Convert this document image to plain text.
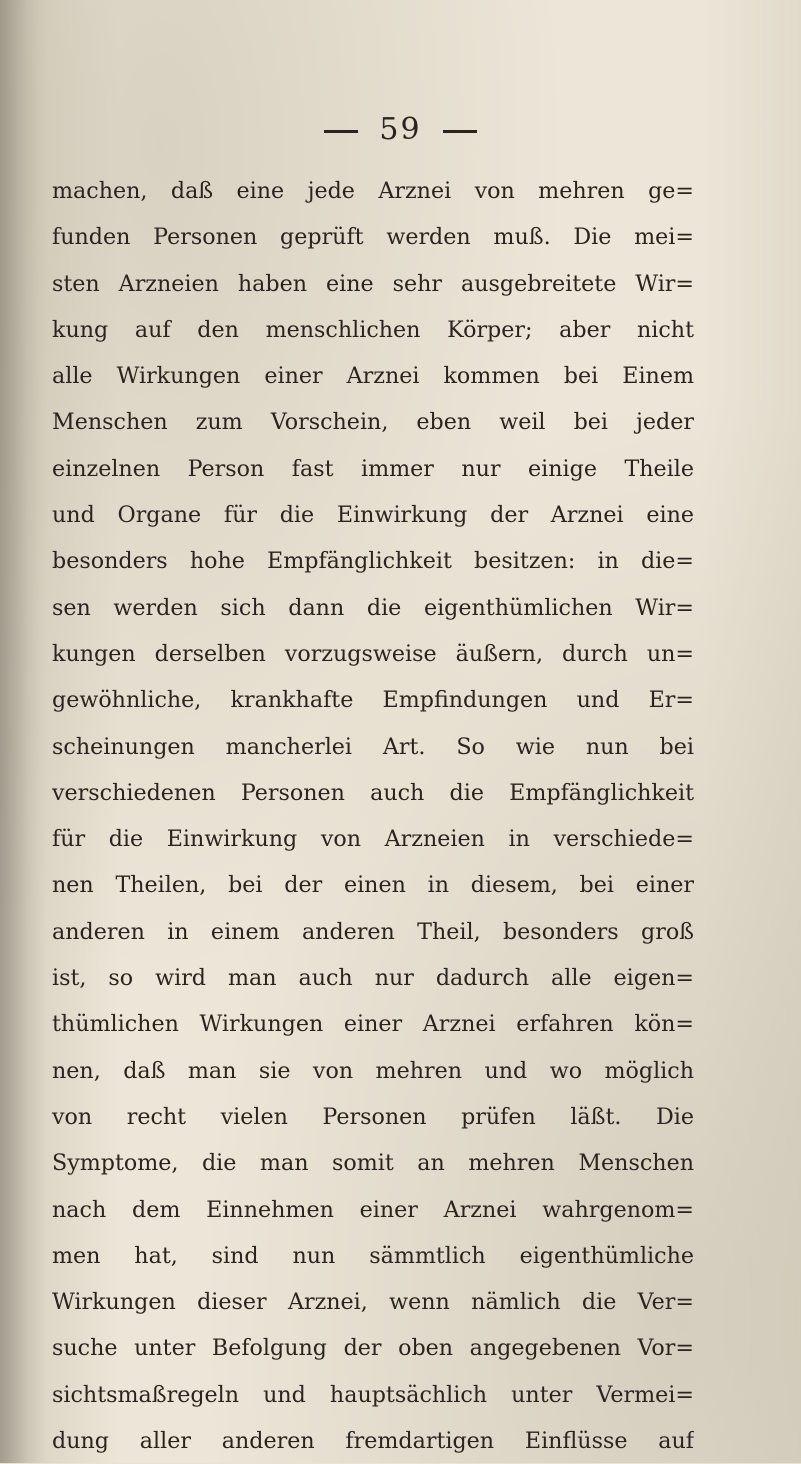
59
machen, daß eine jede Arznei von mehren ge=
funden Personen geprüft werden muß. Die mei=
sten Arzneien haben eine sehr ausgebreitete Wir=
kung auf den menschlichen Körper; aber nicht
alle Wirkungen einer Arznei kommen bei Einem
Menschen zum Vorschein, eben weil bei jeder
einzelnen Person fast immer nur einige Theile
und Organe für die Einwirkung der Arznei eine
besonders hohe Empfänglichkeit besitzen: in die=
sen werden sich dann die eigenthümlichen Wir=
kungen derselben vorzugsweise äußern, durch un=
gewöhnliche, krankhafte Empfindungen und Er=
scheinungen mancherlei Art. So wie nun bei
verschiedenen Personen auch die Empfänglichkeit
für die Einwirkung von Arzneien in verschiede=
nen Theilen, bei der einen in diesem, bei einer
anderen in einem anderen Theil, besonders groß
ist, so wird man auch nur dadurch alle eigen=
thümlichen Wirkungen einer Arznei erfahren kön=
nen, daß man sie von mehren und wo möglich
von recht vielen Personen prüfen läßt. Die
Symptome, die man somit an mehren Menschen
nach dem Einnehmen einer Arznei wahrgenom=
men hat, sind nun sämmtlich eigenthümliche
Wirkungen dieser Arznei, wenn nämlich die Ver=
suche unter Befolgung der oben angegebenen Vor=
sichtsmaßregeln und hauptsächlich unter Vermei=
dung aller anderen fremdartigen Einflüsse auf
